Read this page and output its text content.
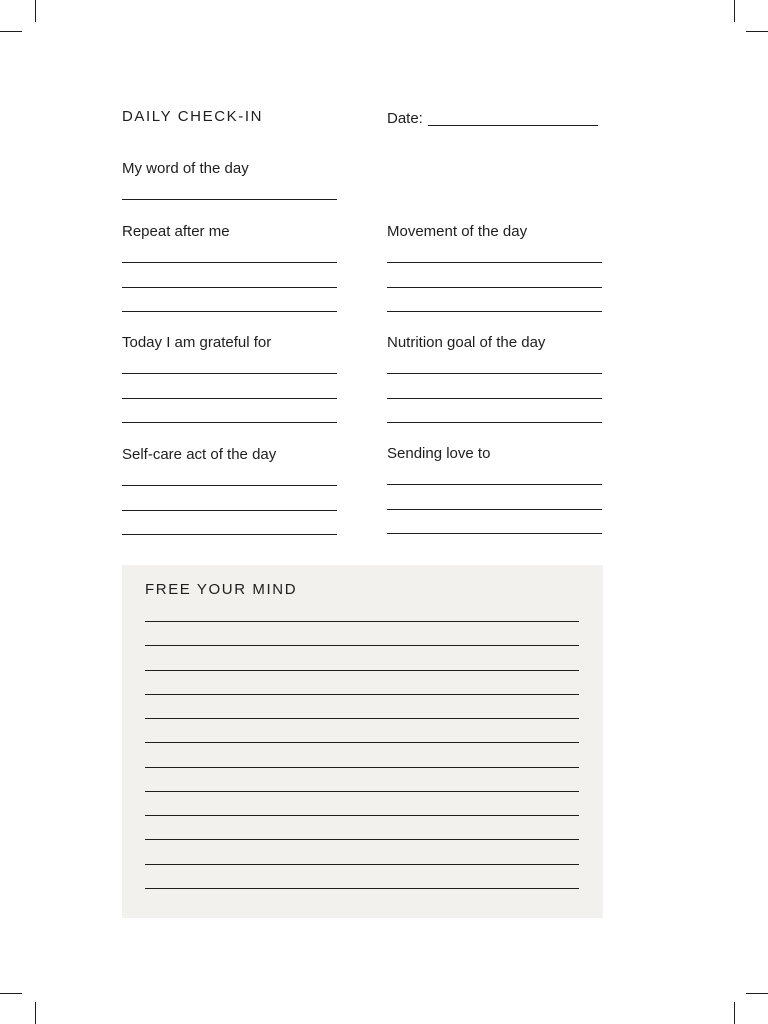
DAILY CHECK-IN	Date:
My word of the day
Repeat after me	Movement of the day
Today I am grateful for	Nutrition goal of the day
Self-care act of the day	Sending love to
FREE YOUR MIND
